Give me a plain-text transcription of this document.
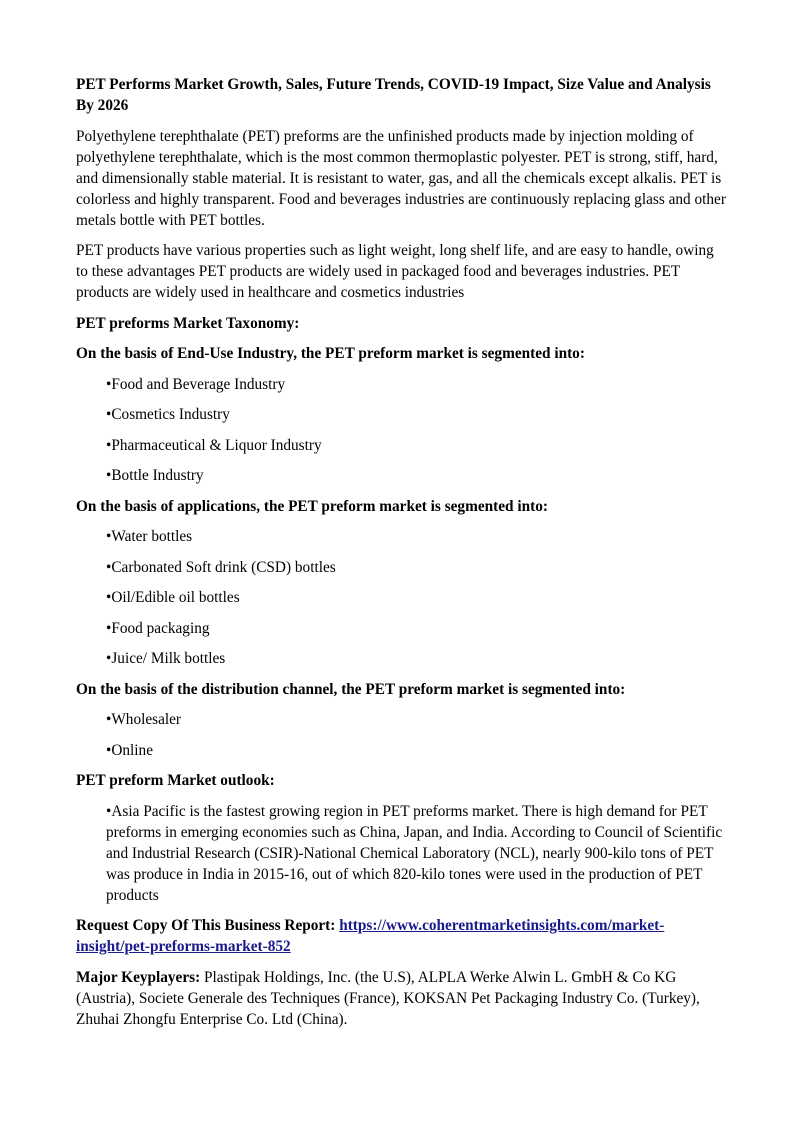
PET Performs Market Growth, Sales, Future Trends, COVID-19 Impact, Size Value and Analysis By 2026

Polyethylene terephthalate (PET) preforms are the unfinished products made by injection molding of polyethylene terephthalate, which is the most common thermoplastic polyester. PET is strong, stiff, hard, and dimensionally stable material. It is resistant to water, gas, and all the chemicals except alkalis. PET is colorless and highly transparent. Food and beverages industries are continuously replacing glass and other metals bottle with PET bottles.

PET products have various properties such as light weight, long shelf life, and are easy to handle, owing to these advantages PET products are widely used in packaged food and beverages industries. PET products are widely used in healthcare and cosmetics industries

PET preforms Market Taxonomy:

On the basis of End-Use Industry, the PET preform market is segmented into:

•Food and Beverage Industry

•Cosmetics Industry

•Pharmaceutical & Liquor Industry

•Bottle Industry

On the basis of applications, the PET preform market is segmented into:

•Water bottles

•Carbonated Soft drink (CSD) bottles

•Oil/Edible oil bottles

•Food packaging

•Juice/ Milk bottles

On the basis of the distribution channel, the PET preform market is segmented into:

•Wholesaler

•Online

PET preform Market outlook:

•Asia Pacific is the fastest growing region in PET preforms market. There is high demand for PET preforms in emerging economies such as China, Japan, and India. According to Council of Scientific and Industrial Research (CSIR)-National Chemical Laboratory (NCL), nearly 900-kilo tons of PET was produce in India in 2015-16, out of which 820-kilo tones were used in the production of PET products

Request Copy Of This Business Report: https://www.coherentmarketinsights.com/market-insight/pet-preforms-market-852

Major Keyplayers: Plastipak Holdings, Inc. (the U.S), ALPLA Werke Alwin L. GmbH & Co KG (Austria), Societe Generale des Techniques (France), KOKSAN Pet Packaging Industry Co. (Turkey), Zhuhai Zhongfu Enterprise Co. Ltd (China).
